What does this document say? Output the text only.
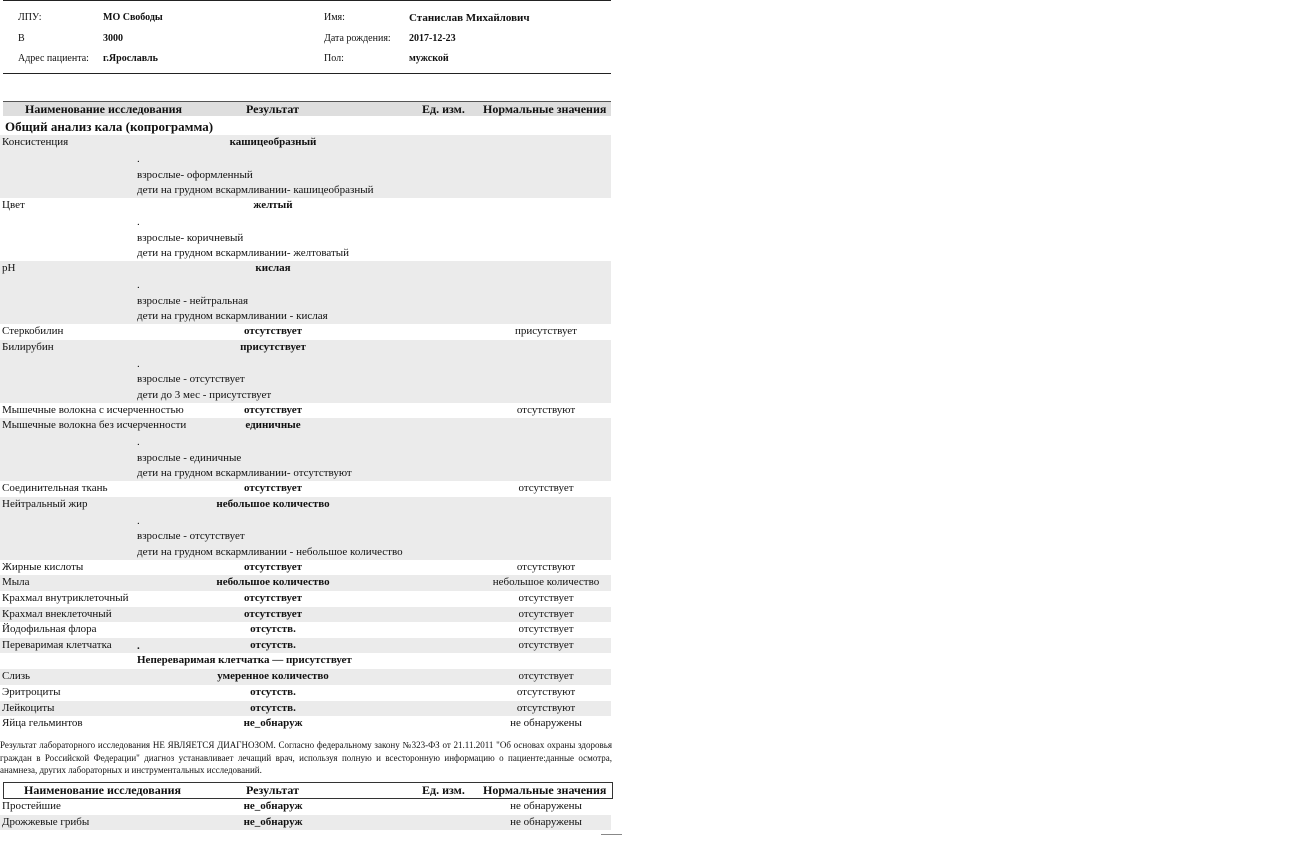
ЛПУ:	МО Свободы
В	3000
Адрес пациента: г.Ярославль
Имя:	Станислав Михайлович
Дата рождения: 2017-12-23
Пол:	мужской
Наименование исследования	Результат	Ед. изм. Нормальные значения
Общий анализ кала (копрограмма)
Консистенция	кашицеобразный
.
взрослые- оформленный
дети на грудном вскармливании- кашицеобразный
Цвет	желтый
.
взрослые- коричневый
дети на грудном вскармливании- желтоватый
pH	кислая
.
взрослые - нейтральная
дети на грудном вскармливании - кислая
Стеркобилин	отсутствует	присутствует
Билирубин	присутствует
.
взрослые - отсутствует
дети до 3 мес - присутствует
Мышечные волокна с исчерченностью	отсутствует	отсутствуют
Мышечные волокна без исчерченности	единичные
.
взрослые - единичные
дети на грудном вскармливании- отсутствуют
Соединительная ткань	отсутствует	отсутствует
Нейтральный жир	небольшое количество
.
взрослые - отсутствует
дети на грудном вскармливании - небольшое количество
Жирные кислоты	отсутствует	отсутствуют
Мыла	небольшое количество	небольшое количество
Крахмал внутриклеточный	отсутствует	отсутствует
Крахмал внеклеточный	отсутствует	отсутствует
Йодофильная флора	отсутств.	отсутствует
Переваримая клетчатка	отсутств.	отсутствует
.
Непереваримая клетчатка — присутствует
Слизь	умеренное количество	отсутствует
Эритроциты	отсутств.	отсутствуют
Лейкоциты	отсутств.	отсутствуют
Яйца гельминтов	не_обнаруж	не обнаружены
Результат лабораторного исследования НЕ ЯВЛЯЕТСЯ ДИАГНОЗОМ. Согласно федеральному закону №323-ФЗ от 21.11.2011 "Об основах охраны здоровья граждан в Российской Федерации" диагноз устанавливает лечащий врач, используя полную и всесторонную информацию о пациенте:данные осмотра, анамнеза, других лабораторных и инструментальных исследований.
Наименование исследования	Результат	Ед. изм. Нормальные значения
Простейшие	не_обнаруж	не обнаружены
Дрожжевые грибы	не_обнаруж	не обнаружены
